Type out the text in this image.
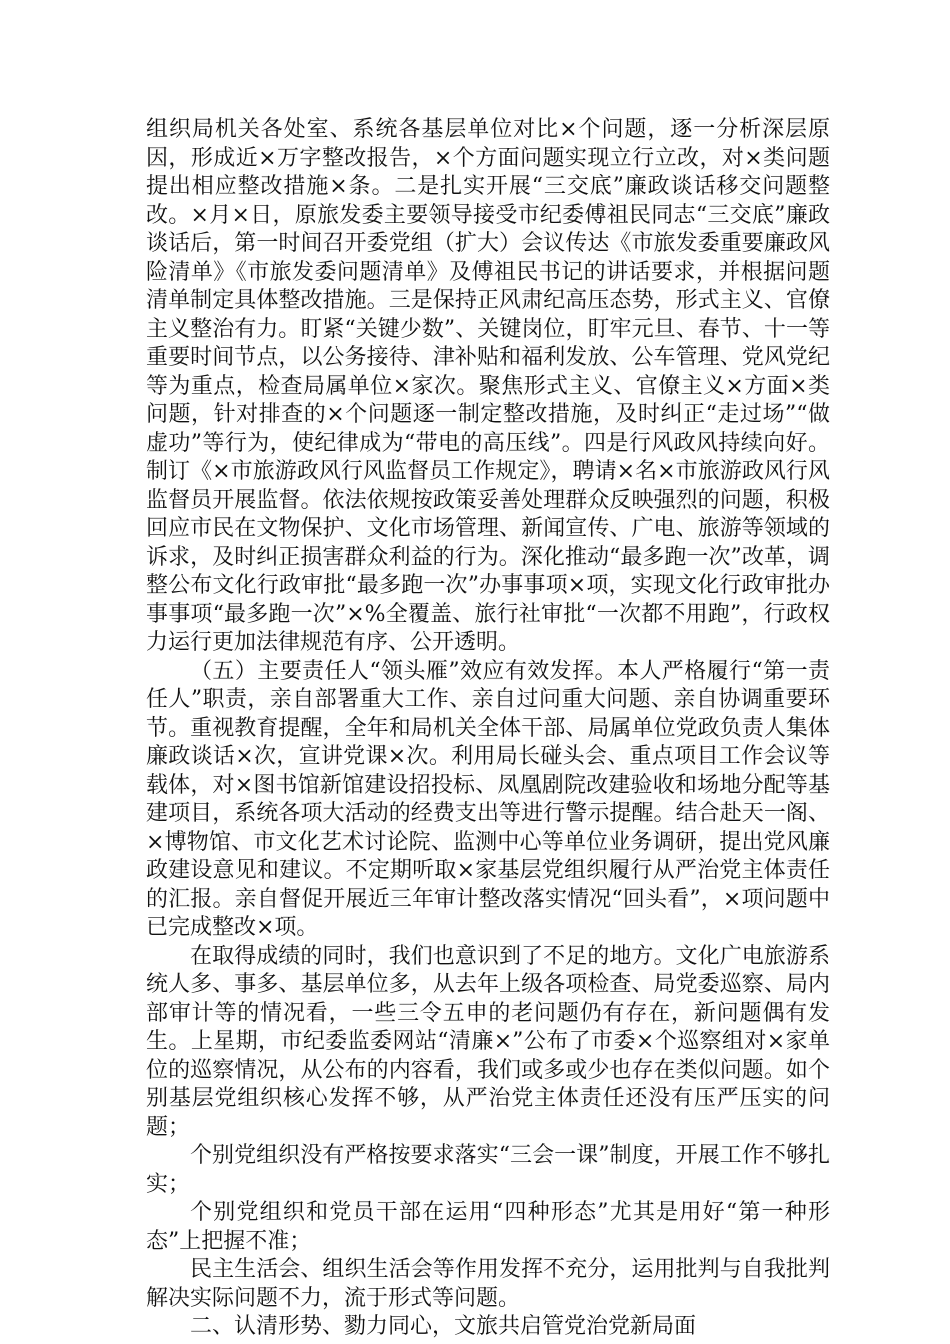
组织局机关各处室、系统各基层单位对比×个问题，逐一分析深层原因，形成近×万字整改报告，×个方面问题实现立行立改，对×类问题提出相应整改措施×条。二是扎实开展“三交底”廉政谈话移交问题整改。×月×日，原旅发委主要领导接受市纪委傅祖民同志“三交底”廉政谈话后，第一时间召开委党组（扩大）会议传达《市旅发委重要廉政风险清单》《市旅发委问题清单》及傅祖民书记的讲话要求，并根据问题清单制定具体整改措施。三是保持正风肃纪高压态势，形式主义、官僚主义整治有力。盯紧“关键少数”、关键岗位，盯牢元旦、春节、十一等重要时间节点，以公务接待、津补贴和福利发放、公车管理、党风党纪等为重点，检查局属单位×家次。聚焦形式主义、官僚主义×方面×类问题，针对排查的×个问题逐一制定整改措施，及时纠正“走过场”“做虚功”等行为，使纪律成为“带电的高压线”。四是行风政风持续向好。制订《×市旅游政风行风监督员工作规定》，聘请×名×市旅游政风行风监督员开展监督。依法依规按政策妥善处理群众反映强烈的问题，积极回应市民在文物保护、文化市场管理、新闻宣传、广电、旅游等领域的诉求，及时纠正损害群众利益的行为。深化推动“最多跑一次”改革，调整公布文化行政审批“最多跑一次”办事事项×项，实现文化行政审批办事事项“最多跑一次”×%全覆盖、旅行社审批“一次都不用跑”，行政权力运行更加法律规范有序、公开透明。

（五）主要责任人“领头雁”效应有效发挥。本人严格履行“第一责任人”职责，亲自部署重大工作、亲自过问重大问题、亲自协调重要环节。重视教育提醒，全年和局机关全体干部、局属单位党政负责人集体廉政谈话×次，宣讲党课×次。利用局长碰头会、重点项目工作会议等载体，对×图书馆新馆建设招投标、凤凰剧院改建验收和场地分配等基建项目，系统各项大活动的经费支出等进行警示提醒。结合赴天一阁、×博物馆、市文化艺术讨论院、监测中心等单位业务调研，提出党风廉政建设意见和建议。不定期听取×家基层党组织履行从严治党主体责任的汇报。亲自督促开展近三年审计整改落实情况“回头看”，×项问题中已完成整改×项。

在取得成绩的同时，我们也意识到了不足的地方。文化广电旅游系统人多、事多、基层单位多，从去年上级各项检查、局党委巡察、局内部审计等的情况看，一些三令五申的老问题仍有存在，新问题偶有发生。上星期，市纪委监委网站“清廉×”公布了市委×个巡察组对×家单位的巡察情况，从公布的内容看，我们或多或少也存在类似问题。如个别基层党组织核心发挥不够，从严治党主体责任还没有压严压实的问题；

个别党组织没有严格按要求落实“三会一课”制度，开展工作不够扎实；

个别党组织和党员干部在运用“四种形态”尤其是用好“第一种形态”上把握不准；

民主生活会、组织生活会等作用发挥不充分，运用批判与自我批判解决实际问题不力，流于形式等问题。

二、认清形势、勠力同心，文旅共启管党治党新局面
